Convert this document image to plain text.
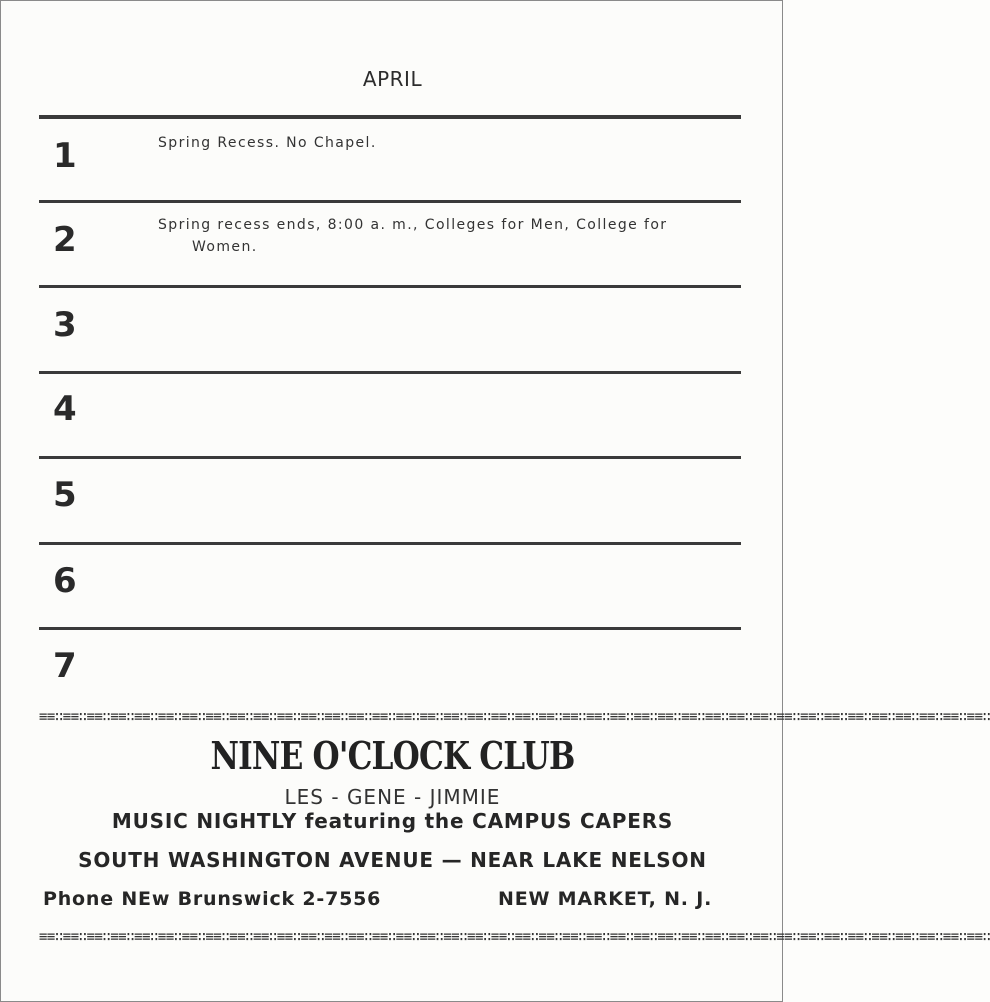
APRIL
1	Spring Recess. No Chapel.
2	Spring recess ends, 8:00 a. m., Colleges for Men, College for
Women.
3
4
5
6
7
≡≡∷≡≡∷≡≡∷≡≡∷≡≡∷≡≡∷≡≡∷≡≡∷≡≡∷≡≡∷≡≡∷≡≡∷≡≡∷≡≡∷≡≡∷≡≡∷≡≡∷≡≡∷≡≡∷≡≡∷≡≡∷≡≡∷≡≡∷≡≡∷≡≡∷≡≡∷≡≡∷≡≡∷≡≡∷≡≡∷≡≡∷≡≡∷≡≡∷≡≡∷≡≡∷≡≡∷≡≡∷≡≡∷≡≡∷≡≡∷
NINE O'CLOCK CLUB
LES - GENE - JIMMIE
MUSIC NIGHTLY featuring the CAMPUS CAPERS
SOUTH WASHINGTON AVENUE — NEAR LAKE NELSON
Phone NEw Brunswick 2-7556	NEW MARKET, N. J.
≡≡∷≡≡∷≡≡∷≡≡∷≡≡∷≡≡∷≡≡∷≡≡∷≡≡∷≡≡∷≡≡∷≡≡∷≡≡∷≡≡∷≡≡∷≡≡∷≡≡∷≡≡∷≡≡∷≡≡∷≡≡∷≡≡∷≡≡∷≡≡∷≡≡∷≡≡∷≡≡∷≡≡∷≡≡∷≡≡∷≡≡∷≡≡∷≡≡∷≡≡∷≡≡∷≡≡∷≡≡∷≡≡∷≡≡∷≡≡∷
